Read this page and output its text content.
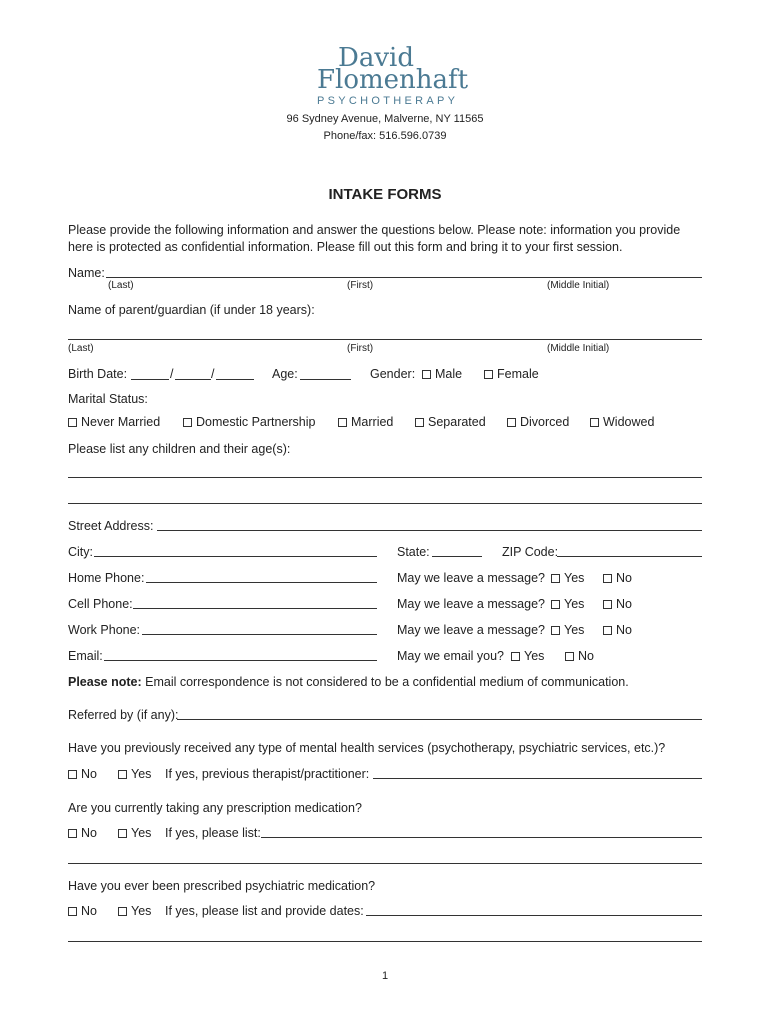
David
Flomenhaft
PSYCHOTHERAPY
96 Sydney Avenue, Malverne, NY 11565
Phone/fax: 516.596.0739
INTAKE FORMS
Please provide the following information and answer the questions below. Please note: information you provide
here is protected as confidential information. Please fill out this form and bring it to your first session.
Name:
(Last)	(First)	(Middle Initial)
Name of parent/guardian (if under 18 years):
(Last)	(First)	(Middle Initial)
Birth Date:	/	/	Age:	Gender:	Male	Female
Marital Status:
Never Married	Domestic Partnership	Married	Separated	Divorced	Widowed
Please list any children and their age(s):
Street Address:
City:	State:	ZIP Code:
Home Phone:	May we leave a message?	Yes	No
Cell Phone:	May we leave a message?	Yes	No
Work Phone:	May we leave a message?	Yes	No
Email:	May we email you?	Yes	No
Please note: Email correspondence is not considered to be a confidential medium of communication.
Referred by (if any):
Have you previously received any type of mental health services (psychotherapy, psychiatric services, etc.)?
No	Yes If yes, previous therapist/practitioner:
Are you currently taking any prescription medication?
No	Yes If yes, please list:
Have you ever been prescribed psychiatric medication?
No	Yes If yes, please list and provide dates:
1
